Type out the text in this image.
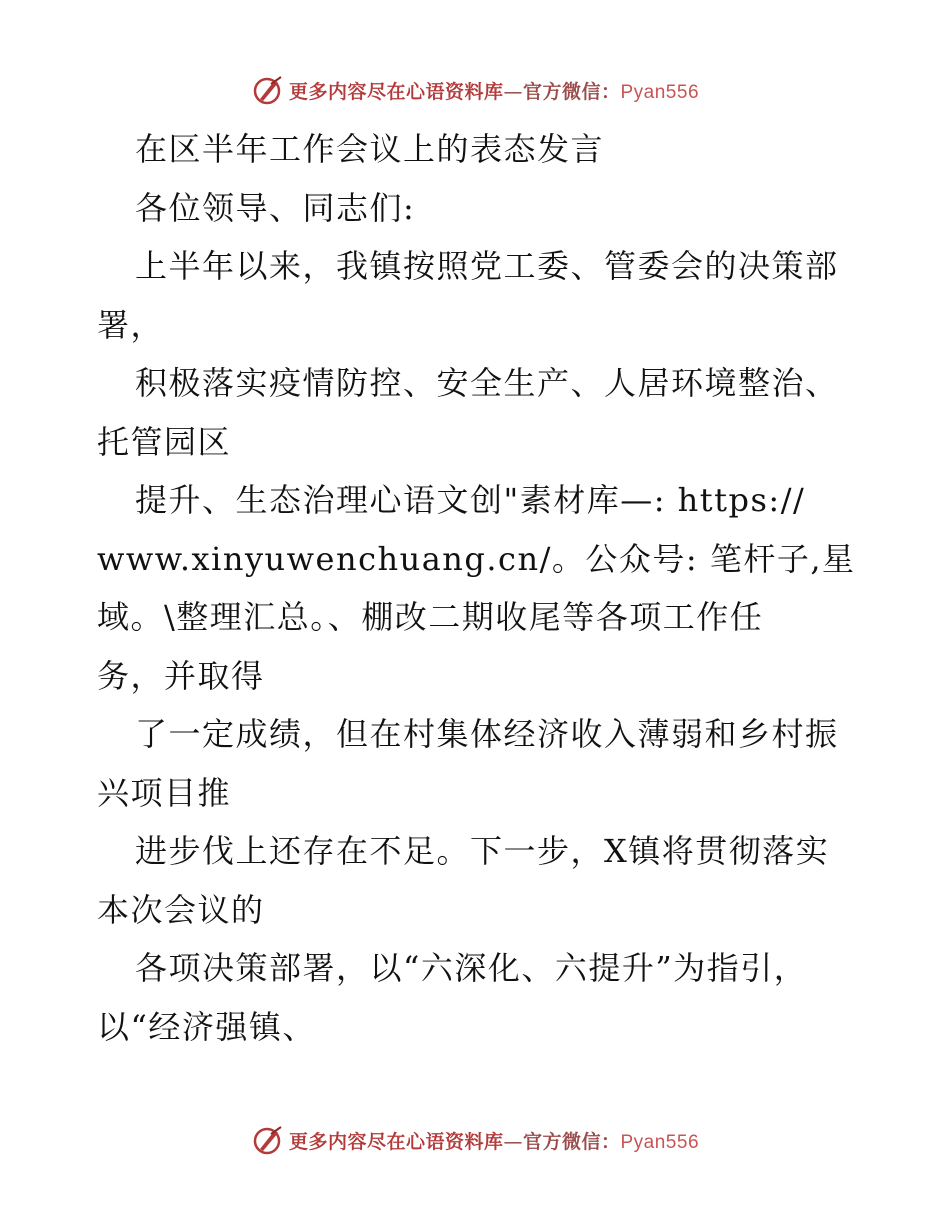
更多内容尽在心语资料库—官方微信：Pyan556
在区半年工作会议上的表态发言
各位领导、同志们:
上半年以来，我镇按照党工委、管委会的决策部
署，
积极落实疫情防控、安全生产、人居环境整治、
托管园区
提升、生态治理心语文创"素材库—: https://
www.xinyuwenchuang.cn/。公众号: 笔杆子,星
域。\整理汇总。、棚改二期收尾等各项工作任
务，并取得
了一定成绩，但在村集体经济收入薄弱和乡村振
兴项目推
进步伐上还存在不足。下一步，X镇将贯彻落实
本次会议的
各项决策部署，以“六深化、六提升”为指引，
以“经济强镇、
更多内容尽在心语资料库—官方微信：Pyan556
